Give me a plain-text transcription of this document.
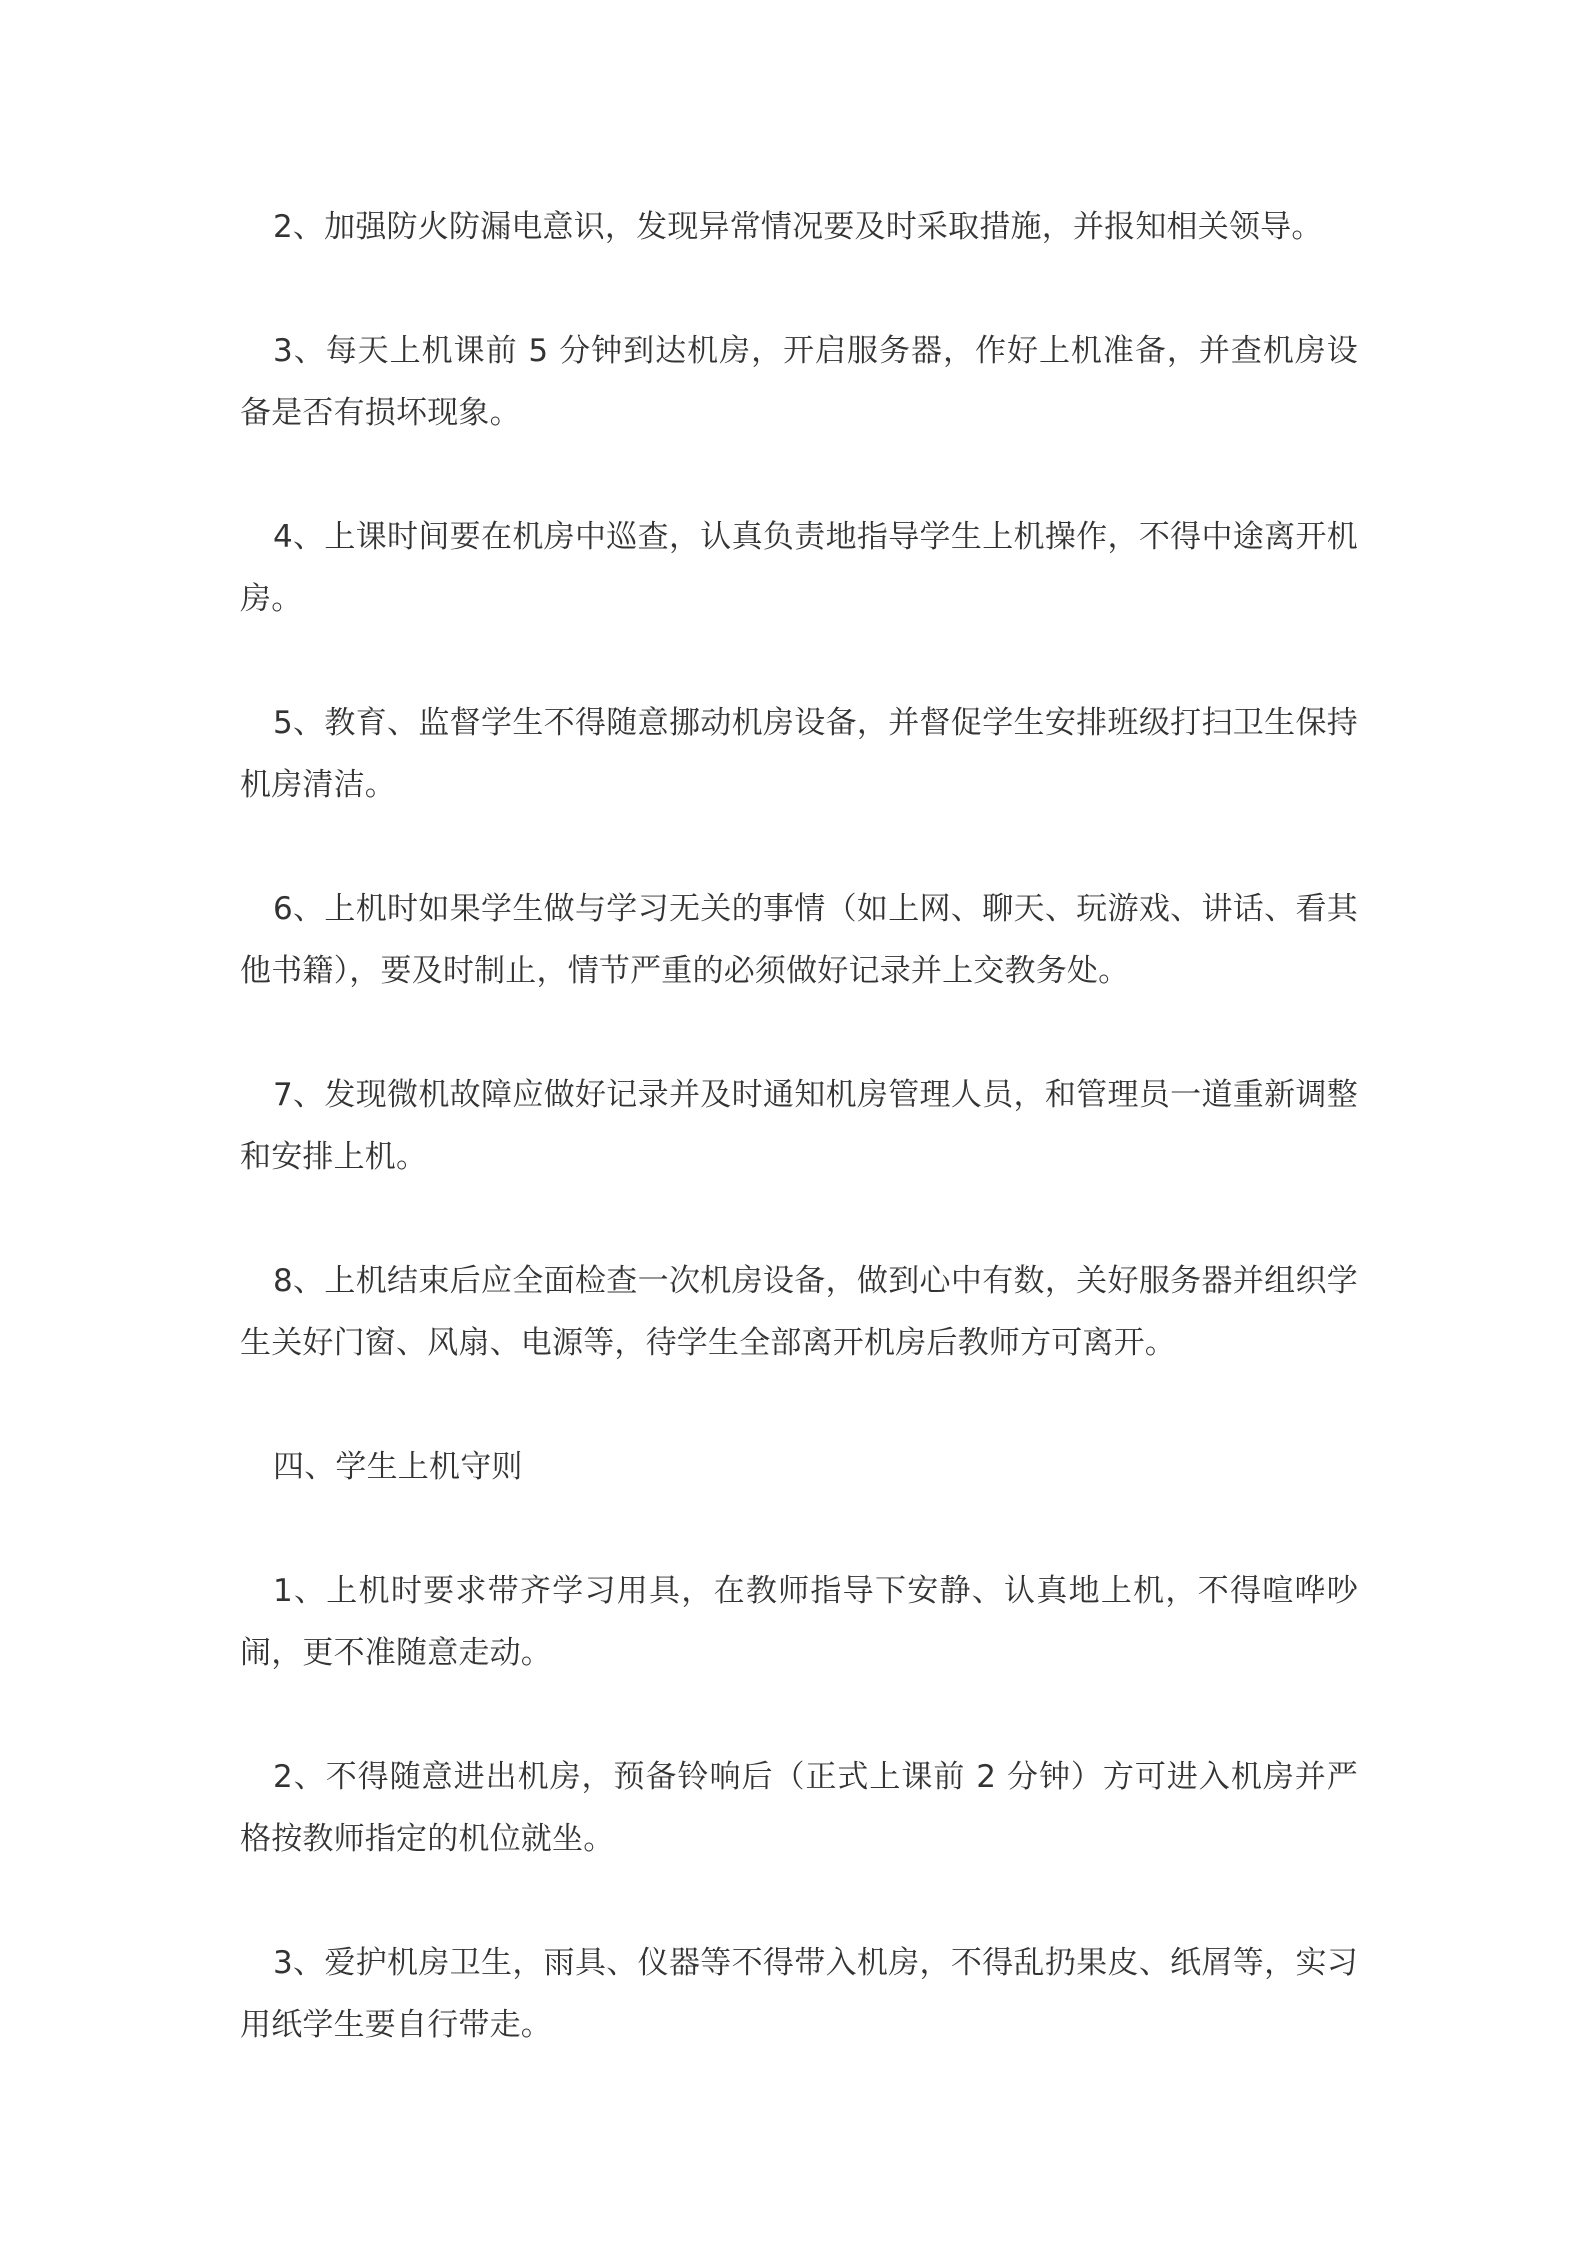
2、加强防火防漏电意识，发现异常情况要及时采取措施，并报知相关领导。

3、每天上机课前 5 分钟到达机房，开启服务器，作好上机准备，并查机房设备是否有损坏现象。

4、上课时间要在机房中巡查，认真负责地指导学生上机操作，不得中途离开机房。

5、教育、监督学生不得随意挪动机房设备，并督促学生安排班级打扫卫生保持机房清洁。

6、上机时如果学生做与学习无关的事情（如上网、聊天、玩游戏、讲话、看其他书籍），要及时制止，情节严重的必须做好记录并上交教务处。

7、发现微机故障应做好记录并及时通知机房管理人员，和管理员一道重新调整和安排上机。

8、上机结束后应全面检查一次机房设备，做到心中有数，关好服务器并组织学生关好门窗、风扇、电源等，待学生全部离开机房后教师方可离开。

四、学生上机守则

1、上机时要求带齐学习用具，在教师指导下安静、认真地上机，不得喧哗吵闹，更不准随意走动。

2、不得随意进出机房，预备铃响后（正式上课前 2 分钟）方可进入机房并严格按教师指定的机位就坐。

3、爱护机房卫生，雨具、仪器等不得带入机房，不得乱扔果皮、纸屑等，实习用纸学生要自行带走。
